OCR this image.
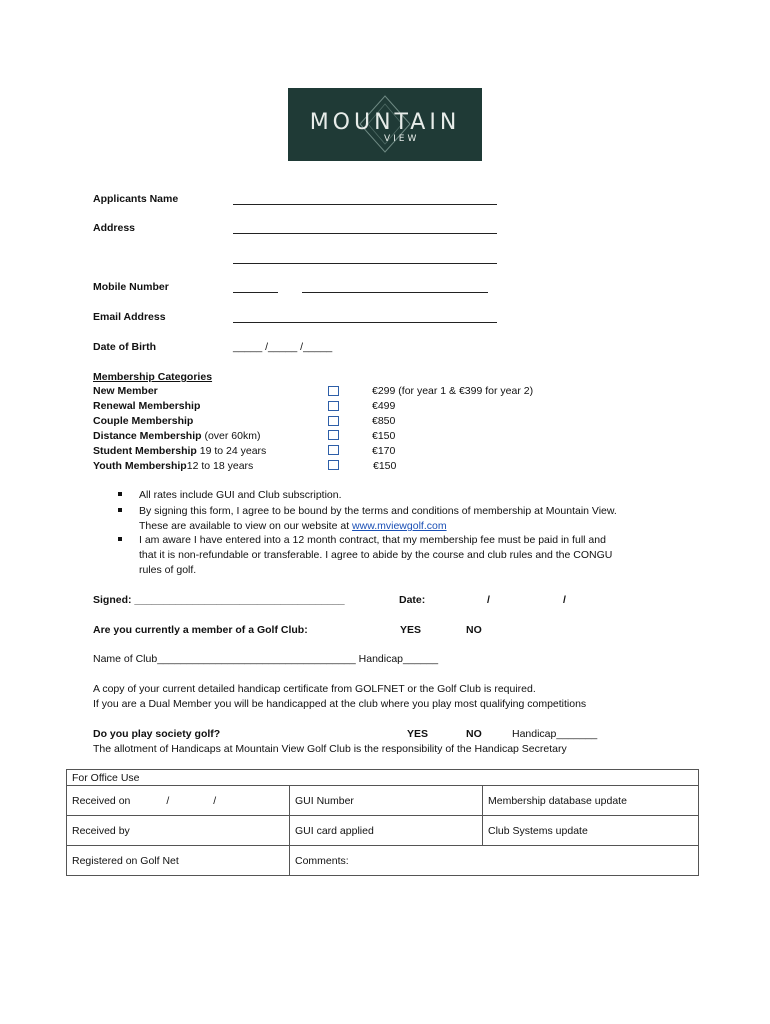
MOUNTAIN
VIEW
Applicants Name
Address
Mobile Number
Email Address
Date of Birth	_____ /_____ /_____
Membership Categories
New Member	€299 (for year 1 & €399 for year 2)
Renewal Membership	€499
Couple Membership	€850
Distance Membership (over 60km)	€150
Student Membership 19 to 24 years	€170
Youth Membership12 to 18 years	€150
All rates include GUI and Club subscription.
By signing this form, I agree to be bound by the terms and conditions of membership at Mountain View.
These are available to view on our website at www.mviewgolf.com
I am aware I have entered into a 12 month contract, that my membership fee must be paid in full and
that it is non-refundable or transferable. I agree to abide by the course and club rules and the CONGU
rules of golf.
Signed: ____________________________________	Date:	/	/
Are you currently a member of a Golf Club:	YES	NO
Name of Club__________________________________ Handicap______
A copy of your current detailed handicap certificate from GOLFNET or the Golf Club is required.
If you are a Dual Member you will be handicapped at the club where you play most qualifying competitions
Do you play society golf?	YES	NO	Handicap_______
The allotment of Handicaps at Mountain View Golf Club is the responsibility of the Handicap Secretary
For Office Use		
Received on / /	GUI Number	Membership database update
Received by	GUI card applied	Club Systems update
Registered on Golf Net	Comments:	
